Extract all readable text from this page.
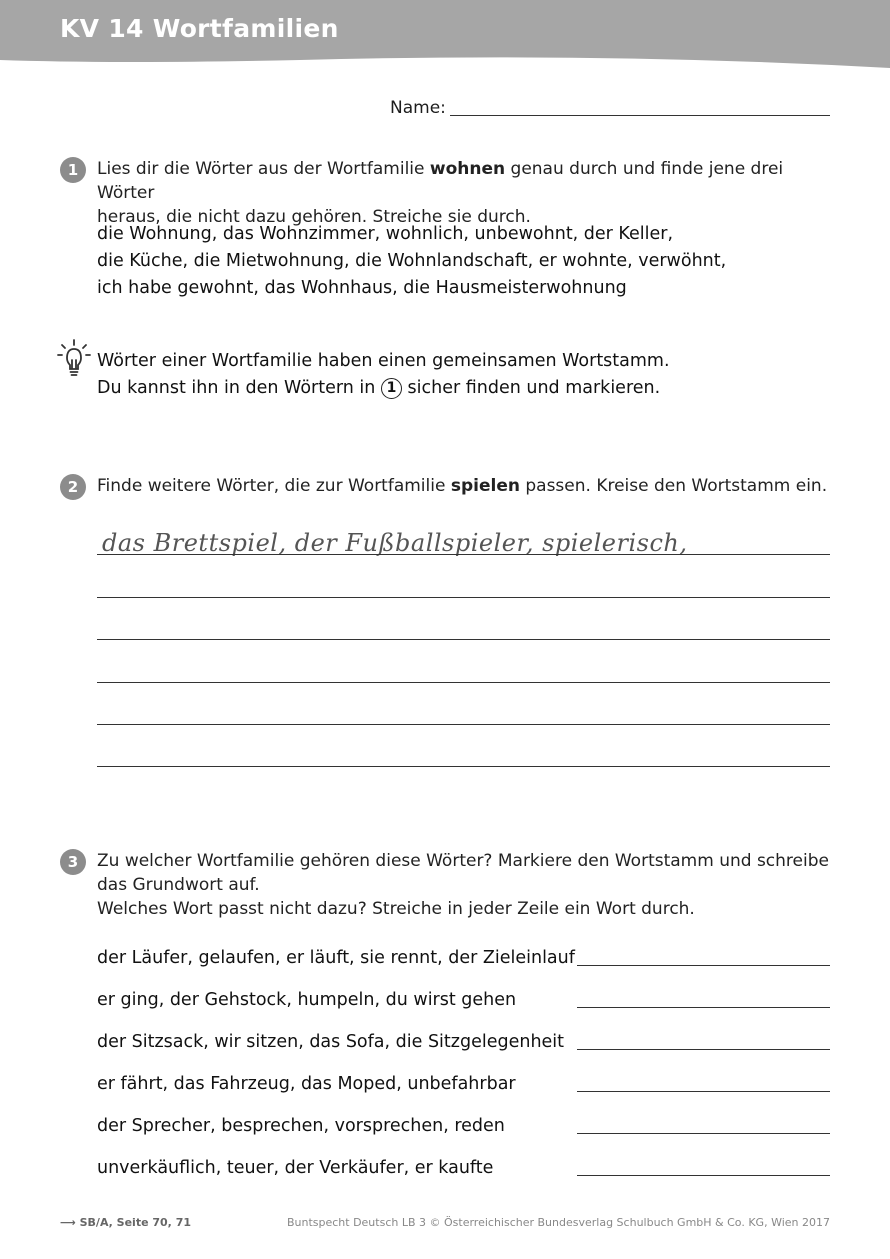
KV 14 Wortfamilien
Name:
1	Lies dir die Wörter aus der Wortfamilie wohnen genau durch und finde jene drei Wörter
heraus, die nicht dazu gehören. Streiche sie durch.
die Wohnung, das Wohnzimmer, wohnlich, unbewohnt, der Keller,
die Küche, die Mietwohnung, die Wohnlandschaft, er wohnte, verwöhnt,
ich habe gewohnt, das Wohnhaus, die Hausmeisterwohnung
Wörter einer Wortfamilie haben einen gemeinsamen Wortstamm.
Du kannst ihn in den Wörtern in 1 sicher finden und markieren.
2	Finde weitere Wörter, die zur Wortfamilie spielen passen. Kreise den Wortstamm ein.
das Brettspiel, der Fußballspieler, spielerisch,
3	Zu welcher Wortfamilie gehören diese Wörter? Markiere den Wortstamm und schreibe
das Grundwort auf.
Welches Wort passt nicht dazu? Streiche in jeder Zeile ein Wort durch.
der Läufer, gelaufen, er läuft, sie rennt, der Zieleinlauf
er ging, der Gehstock, humpeln, du wirst gehen
der Sitzsack, wir sitzen, das Sofa, die Sitzgelegenheit
er fährt, das Fahrzeug, das Moped, unbefahrbar
der Sprecher, besprechen, vorsprechen, reden
unverkäuflich, teuer, der Verkäufer, er kaufte
⟶ SB/A, Seite 70, 71	Buntspecht Deutsch LB 3 © Österreichischer Bundesverlag Schulbuch GmbH & Co. KG, Wien 2017
